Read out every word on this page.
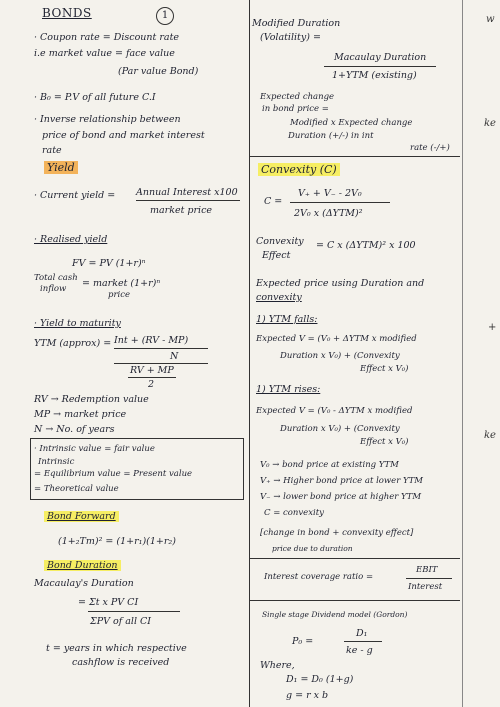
BONDS	1
· Coupon rate = Discount rate
i.e market value = face value
(Par value Bond)
· B₀ = P.V of all future C.I
· Inverse relationship between
price of bond and market interest
rate
Yield
· Current yield = Annual Interest x100
market price
· Realised yield
FV = PV (1+r)ⁿ
Total cash
inflow = market (1+r)ⁿ
price
· Yield to maturity
YTM (approx) = Int + (RV - MP)
N
RV + MP
2
RV → Redemption value
MP → market price
N → No. of years
· Intrinsic value = fair value
Intrinsic
= Equilibrium value = Present value
= Theoretical value
Bond Forward
(1+₂Tm)² = (1+r₁)(1+r₂)
Bond Duration
Macaulay's Duration
= Σt x PV CI
ΣPV of all CI
t = years in which respective
cashflow is received
Modified Duration
(Volatility) =
Macaulay Duration
1+YTM (existing)
Expected change
in bond price =
Modified x Expected change
Duration (+/-) in int
rate (-/+)
Convexity (C)
C =
V₊ + V₋ - 2V₀
2V₀ x (ΔYTM)²
Convexity
Effect
= C x (ΔYTM)² x 100
Expected price using Duration and
convexity
1) YTM falls:
Expected V = (V₀ + ΔYTM x modified
Duration x V₀) + (Convexity
Effect x V₀)
1) YTM rises:
Expected V = (V₀ - ΔYTM x modified
Duration x V₀) + (Convexity
Effect x V₀)
V₀ → bond price at existing YTM
V₊ → Higher bond price at lower YTM
V₋ → lower bond price at higher YTM
C = convexity
[change in bond + convexity effect]
price due to duration
Interest coverage ratio =
EBIT
Interest
Single stage Dividend model (Gordon)
P₀ =
D₁
ke - g
Where,
D₁ = D₀ (1+g)
g = r x b
w
ke
+
ke
